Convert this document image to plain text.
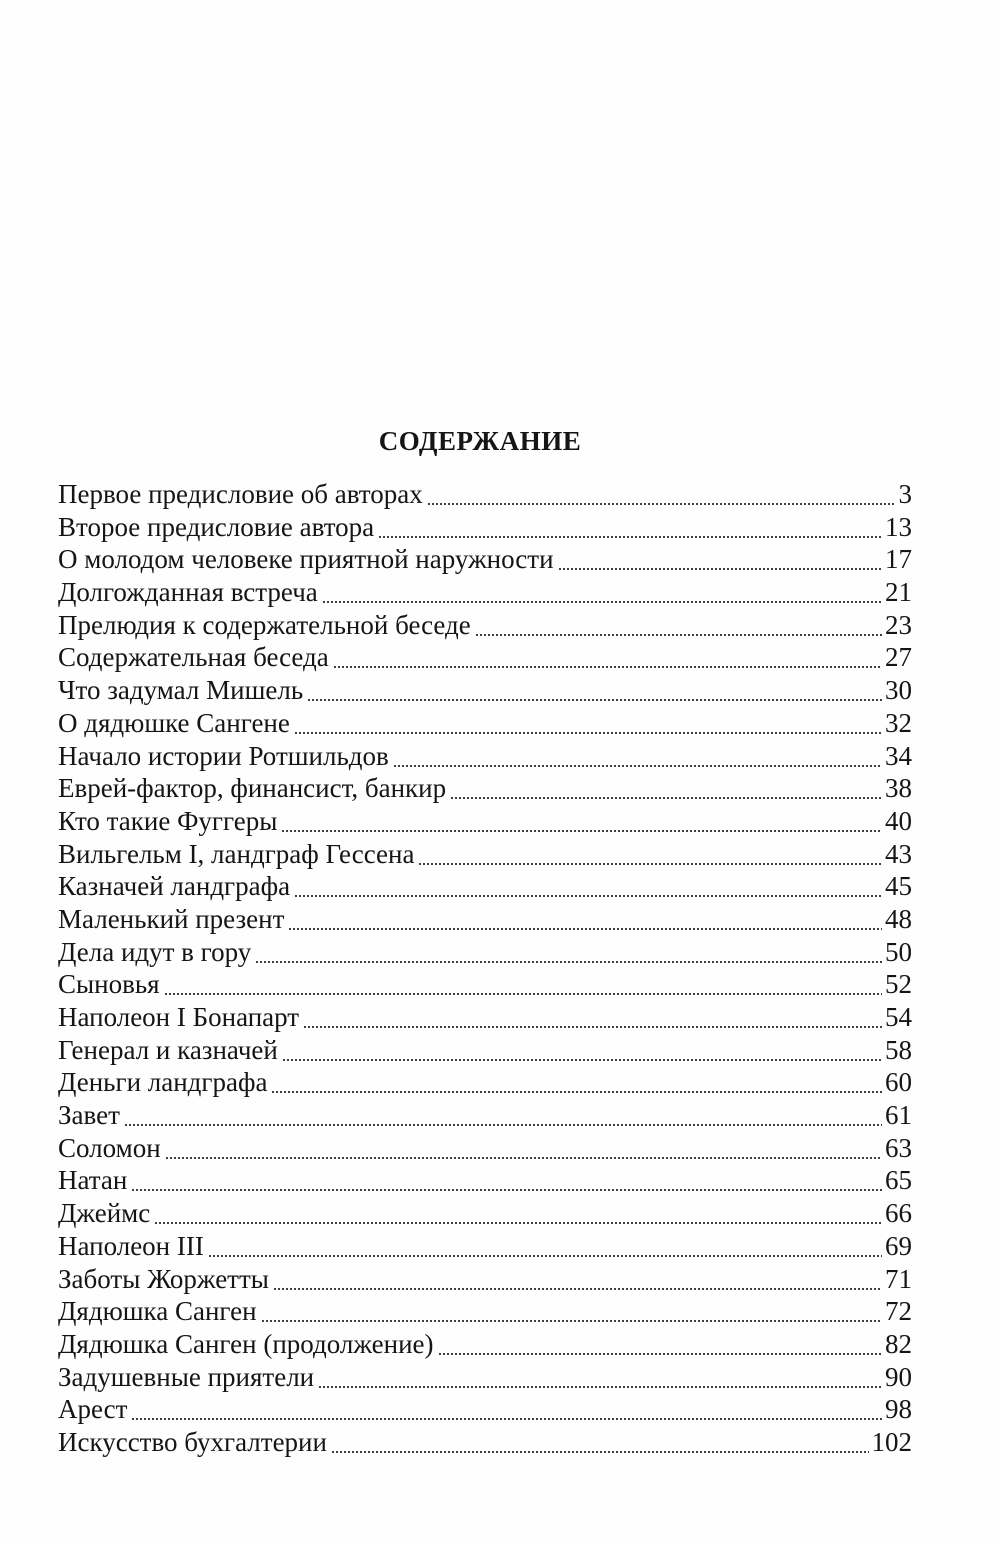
СОДЕРЖАНИЕ
Первое предисловие об авторах	3
Второе предисловие автора	13
О молодом человеке приятной наружности	17
Долгожданная встреча	21
Прелюдия к содержательной беседе	23
Содержательная беседа	27
Что задумал Мишель	30
О дядюшке Сангене	32
Начало истории Ротшильдов	34
Еврей-фактор, финансист, банкир	38
Кто такие Фуггеры	40
Вильгельм I, ландграф Гессена	43
Казначей ландграфа	45
Маленький презент	48
Дела идут в гору	50
Сыновья	52
Наполеон I Бонапарт	54
Генерал и казначей	58
Деньги ландграфа	60
Завет	61
Соломон	63
Натан	65
Джеймс	66
Наполеон III	69
Заботы Жоржетты	71
Дядюшка Санген	72
Дядюшка Санген (продолжение)	82
Задушевные приятели	90
Арест	98
Искусство бухгалтерии	102
